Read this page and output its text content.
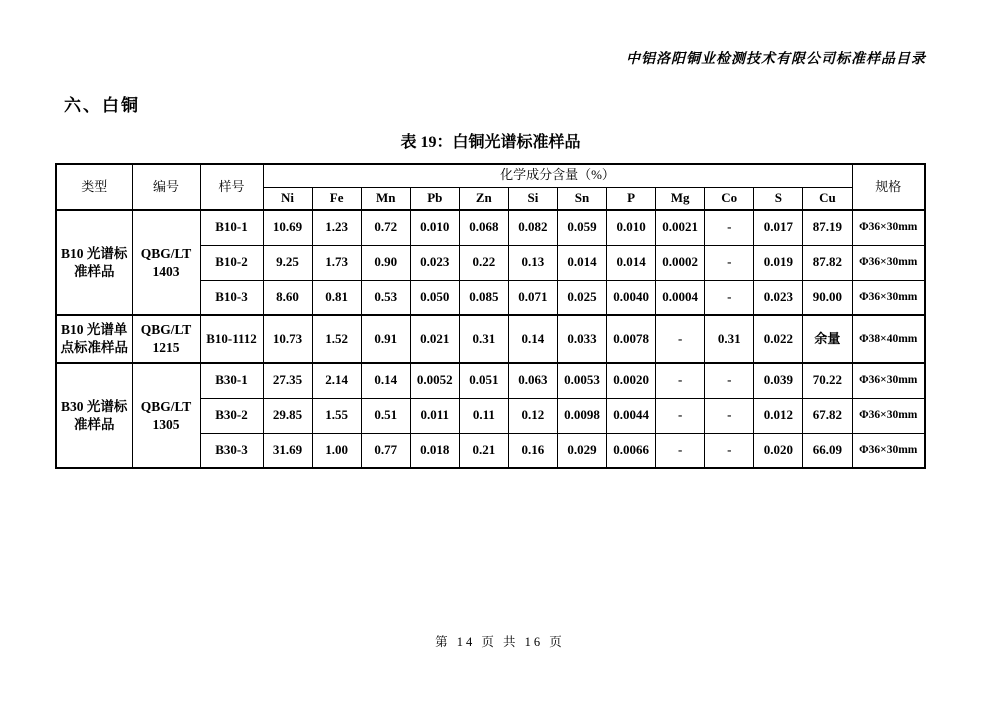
中铝洛阳铜业检测技术有限公司标准样品目录
六、白铜
表 19：白铜光谱标准样品
类型	编号	样号	化学成分含量（%）												规格
			Ni	Fe	Mn	Pb	Zn	Si	Sn	P	Mg	Co	S	Cu	
B10 光谱标准样品	QBG/LT 1403	B10-1	10.69	1.23	0.72	0.010	0.068	0.082	0.059	0.010	0.0021	-	0.017	87.19	Φ36×30mm
		B10-2	9.25	1.73	0.90	0.023	0.22	0.13	0.014	0.014	0.0002	-	0.019	87.82	Φ36×30mm
		B10-3	8.60	0.81	0.53	0.050	0.085	0.071	0.025	0.0040	0.0004	-	0.023	90.00	Φ36×30mm
B10 光谱单点标准样品	QBG/LT 1215	B10-1112	10.73	1.52	0.91	0.021	0.31	0.14	0.033	0.0078	-	0.31	0.022	余量	Φ38×40mm
B30 光谱标准样品	QBG/LT 1305	B30-1	27.35	2.14	0.14	0.0052	0.051	0.063	0.0053	0.0020	-	-	0.039	70.22	Φ36×30mm
		B30-2	29.85	1.55	0.51	0.011	0.11	0.12	0.0098	0.0044	-	-	0.012	67.82	Φ36×30mm
		B30-3	31.69	1.00	0.77	0.018	0.21	0.16	0.029	0.0066	-	-	0.020	66.09	Φ36×30mm
第 14 页 共 16 页
